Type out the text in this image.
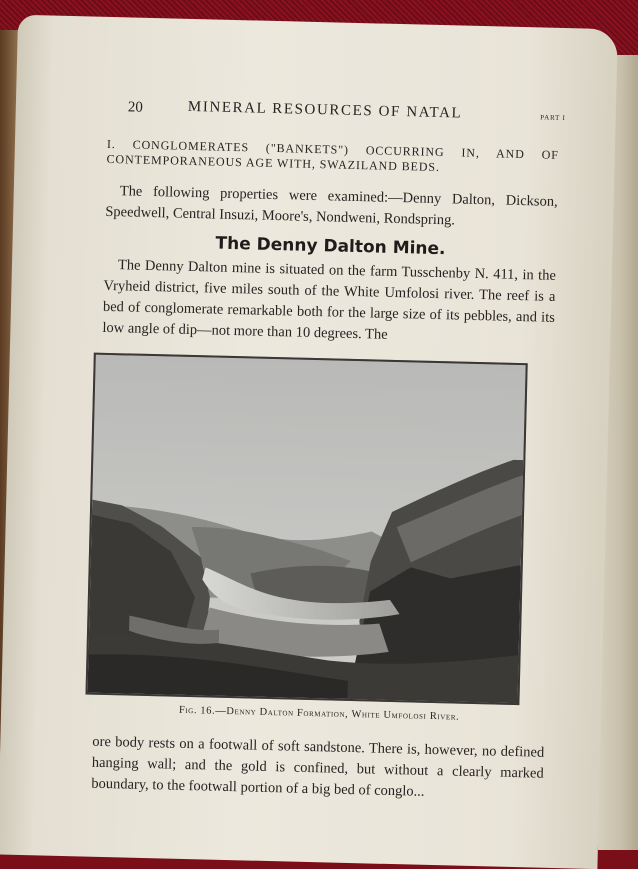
20	MINERAL RESOURCES OF NATAL	PART I
I. CONGLOMERATES ("BANKETS") OCCURRING IN, AND OF CONTEMPORANEOUS AGE WITH, SWAZILAND BEDS.

The following properties were examined:—Denny Dalton, Dickson, Speedwell, Central Insuzi, Moore's, Nondweni, Rondspring.

The Denny Dalton Mine.

The Denny Dalton mine is situated on the farm Tusschenby N. 411, in the Vryheid district, five miles south of the White Umfolosi river. The reef is a bed of conglomerate remarkable both for the large size of its pebbles, and its low angle of dip—not more than 10 degrees. The

Fig. 16.—Denny Dalton Formation, White Umfolosi River.

ore body rests on a footwall of soft sandstone. There is, however, no defined hanging wall; and the gold is confined, but without a clearly marked boundary, to the footwall portion of a big bed of conglo...
